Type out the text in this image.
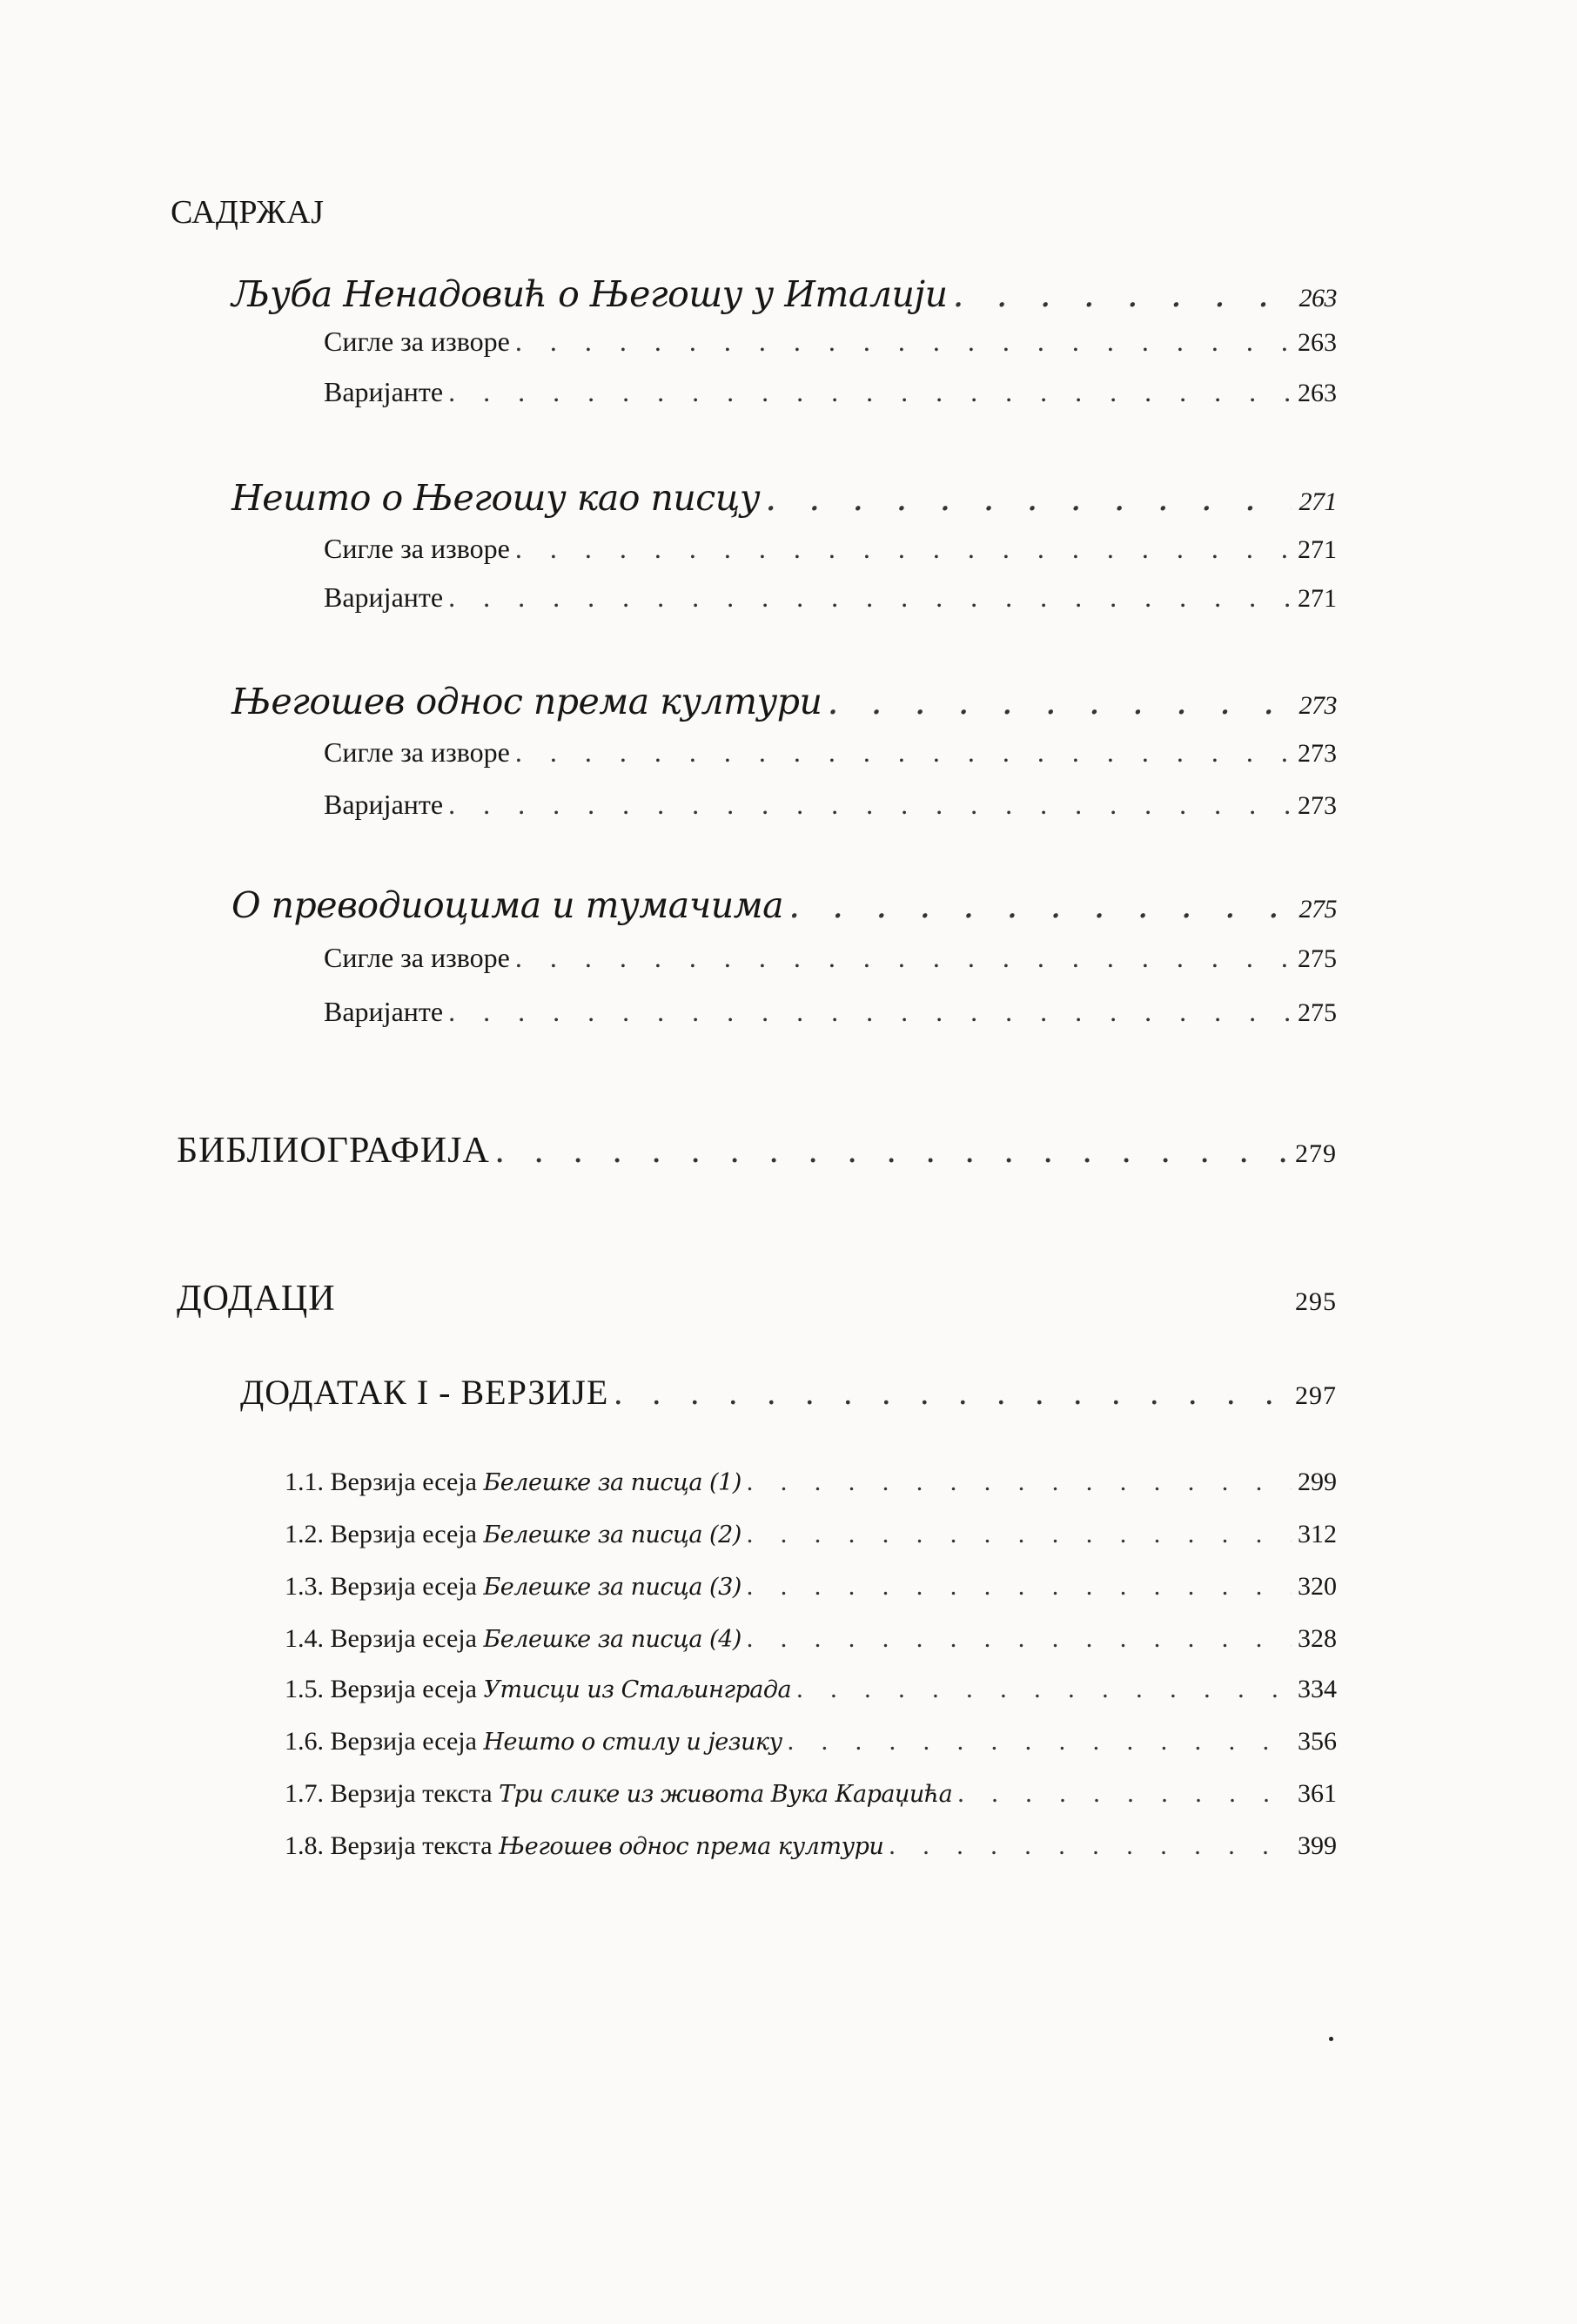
САДРЖАЈ
Љуба Ненадовић о Његошу у Италији . . .	263
Сигле за изворе . . .	263
Варијанте . . .	263
Нешто о Његошу као писцу . . .	271
Сигле за изворе . . .	271
Варијанте . . .	271
Његошев однос према култури . . .	273
Сигле за изворе . . .	273
Варијанте . . .	273
О преводиоцима и тумачима . . .	275
Сигле за изворе . . .	275
Варијанте . . .	275
БИБЛИОГРАФИЈА . . .	279
ДОДАЦИ	295
ДОДАТАК I - ВЕРЗИЈЕ . . .	297
1.1. Верзија есеја Белешке за писца (1) . . .	299
1.2. Верзија есеја Белешке за писца (2) . . .	312
1.3. Верзија есеја Белешке за писца (3) . . .	320
1.4. Верзија есеја Белешке за писца (4) . . .	328
1.5. Верзија есеја Утисци из Стаљинграда . . .	334
1.6. Верзија есеја Нешто о стилу и језику . . .	356
1.7. Верзија текста Три слике из живота Вука Караџића . . .	361
1.8. Верзија текста Његошев однос према култури . . .	399
